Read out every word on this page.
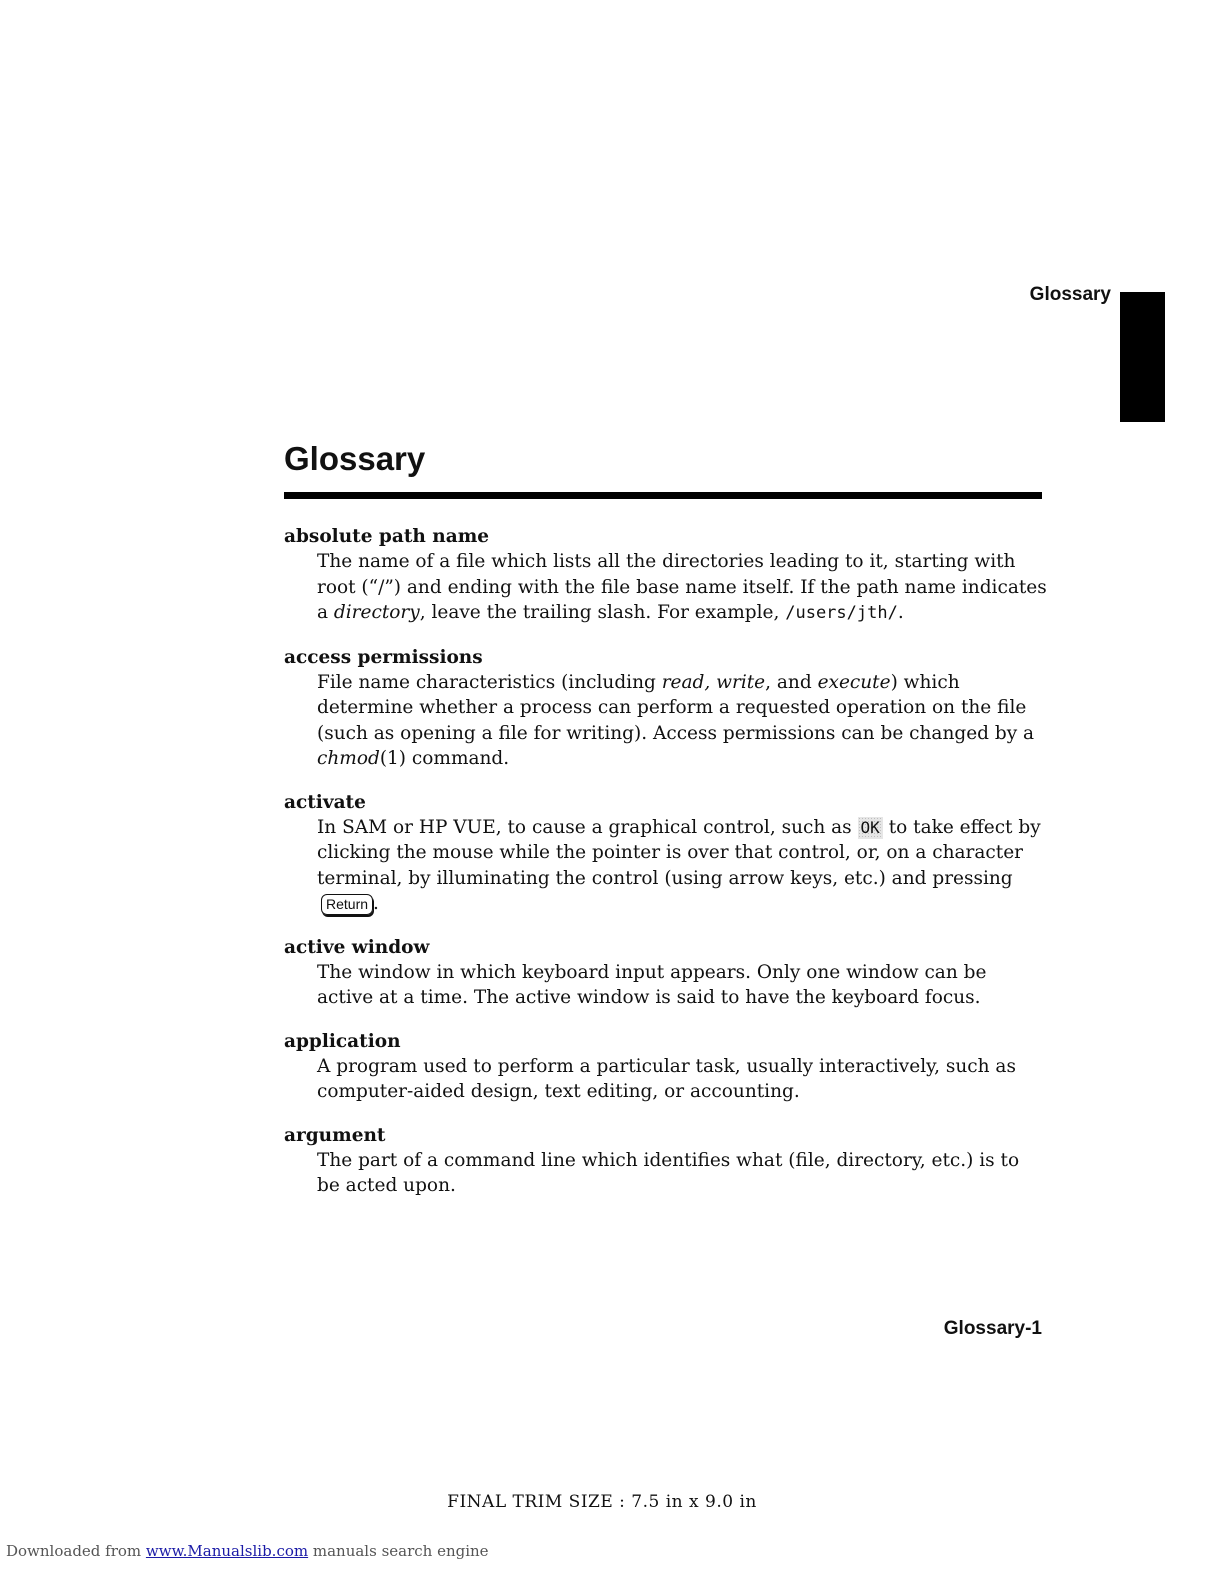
Glossary
Glossary
absolute path name
The name of a file which lists all the directories leading to it, starting with root (“/”) and ending with the file base name itself. If the path name indicates a directory, leave the trailing slash. For example, /users/jth/.
access permissions
File name characteristics (including read, write, and execute) which determine whether a process can perform a requested operation on the file (such as opening a file for writing). Access permissions can be changed by a chmod(1) command.
activate
In SAM or HP VUE, to cause a graphical control, such as OK to take effect by clicking the mouse while the pointer is over that control, or, on a character terminal, by illuminating the control (using arrow keys, etc.) and pressing Return .
active window
The window in which keyboard input appears. Only one window can be active at a time. The active window is said to have the keyboard focus.
application
A program used to perform a particular task, usually interactively, such as computer-aided design, text editing, or accounting.
argument
The part of a command line which identifies what (file, directory, etc.) is to be acted upon.
Glossary-1
FINAL TRIM SIZE : 7.5 in x 9.0 in
Downloaded from www.Manualslib.com manuals search engine
